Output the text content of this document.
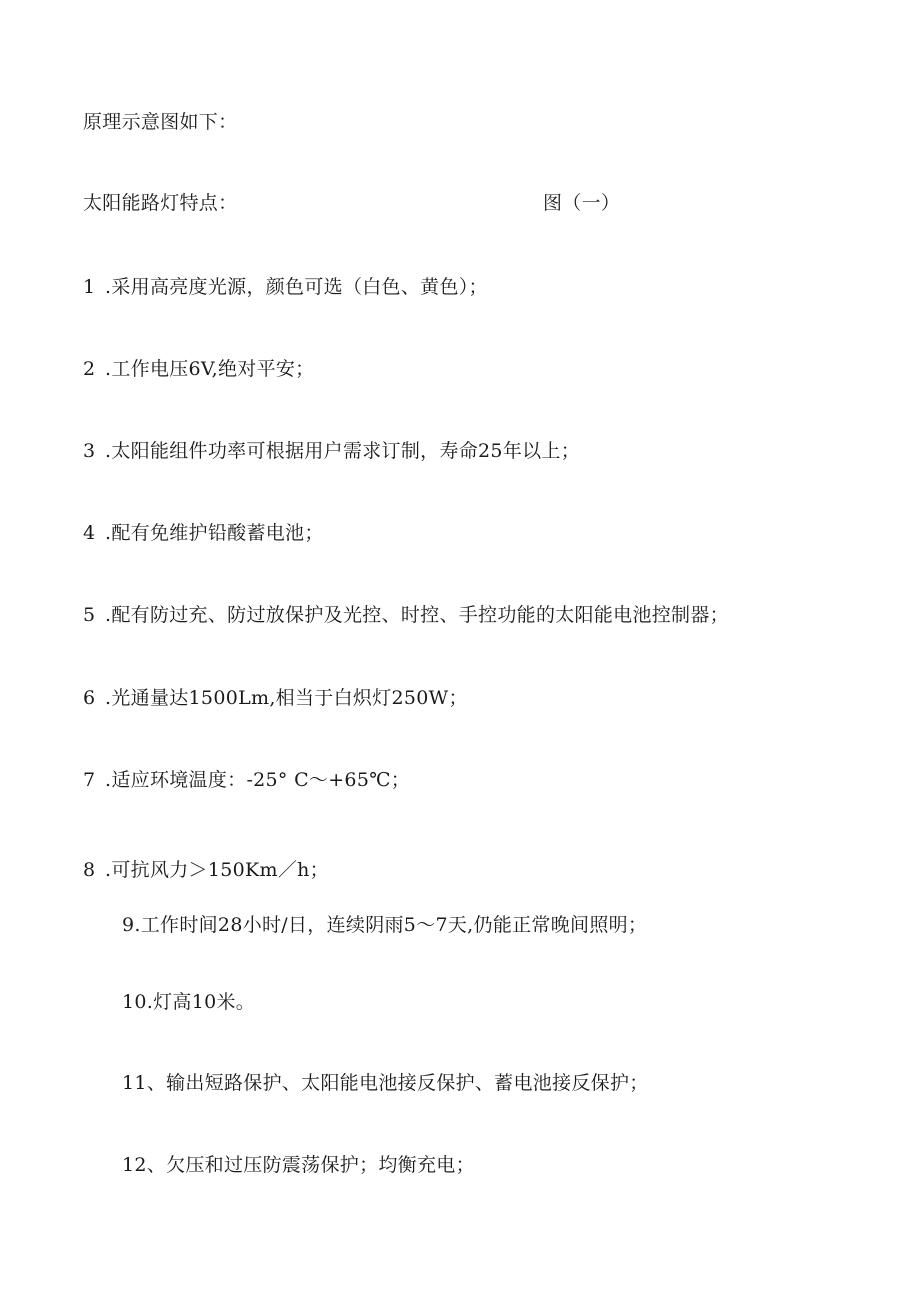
原理示意图如下：
太阳能路灯特点：	图（一）
1 .采用高亮度光源，颜色可选（白色、黄色）；
2 .工作电压6V,绝对平安；
3 .太阳能组件功率可根据用户需求订制，寿命25年以上；
4 .配有免维护铅酸蓄电池；
5 .配有防过充、防过放保护及光控、时控、手控功能的太阳能电池控制器；
6 .光通量达1500Lm,相当于白炽灯250W；
7 .适应环境温度：-25° C〜+65℃；
8 .可抗风力＞150Km／h；
9.工作时间28小时/日，连续阴雨5〜7天,仍能正常晚间照明；
10.灯高10米。
11、输出短路保护、太阳能电池接反保护、蓄电池接反保护；
12、欠压和过压防震荡保护；均衡充电；
